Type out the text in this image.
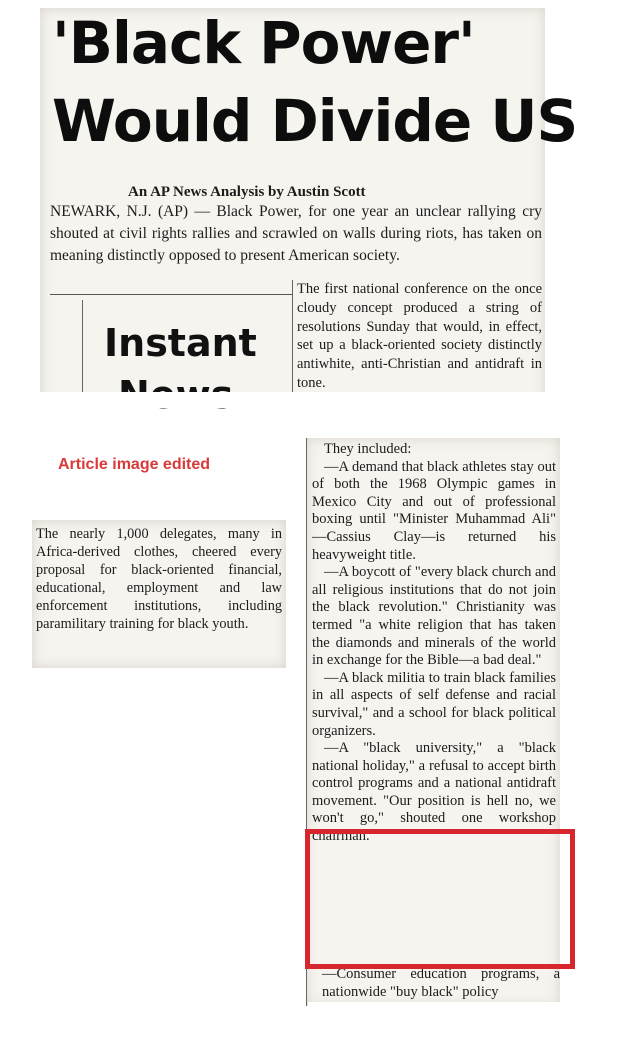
'Black Power'
Would Divide US
An AP News Analysis by Austin Scott

NEWARK, N.J. (AP) — Black Power, for one year an unclear rallying cry shouted at civil rights rallies and scrawled on walls during riots, has taken on meaning distinctly opposed to present American society.

The first national conference on the once cloudy concept produced a string of resolutions Sunday that would, in effect, set up a black-oriented society distinctly antiwhite, anti-Christian and antidraft in tone.

Instant
Article image edited

The nearly 1,000 delegates, many in Africa-derived clothes, cheered every proposal for black-oriented financial, educational, employment and law enforcement institutions, including paramilitary training for black youth.

They included:

—A demand that black athletes stay out of both the 1968 Olympic games in Mexico City and out of professional boxing until "Minister Muhammad Ali" —Cassius Clay—is returned his heavyweight title.

—A boycott of "every black church and all religious institutions that do not join the black revolution." Christianity was termed "a white religion that has taken the diamonds and minerals of the world in exchange for the Bible—a bad deal."

—A black militia to train black families in all aspects of self defense and racial survival," and a school for black political organizers.

—A "black university," a "black national holiday," a refusal to accept birth control programs and a national antidraft movement. "Our position is hell no, we won't go," shouted one workshop chairman.

—Consumer education programs, a nationwide "buy black" policy
